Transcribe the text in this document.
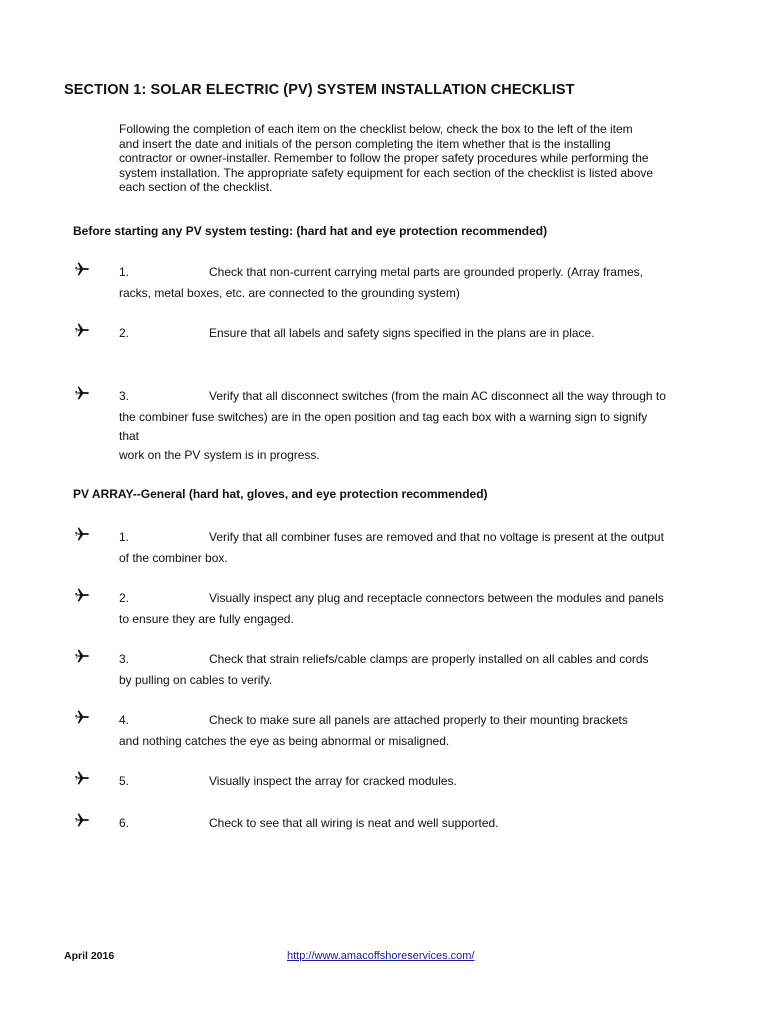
SECTION 1: SOLAR ELECTRIC (PV) SYSTEM INSTALLATION CHECKLIST
Following the completion of each item on the checklist below, check the box to the left of the item
and insert the date and initials of the person completing the item whether that is the installing
contractor or owner-installer. Remember to follow the proper safety procedures while performing the
system installation. The appropriate safety equipment for each section of the checklist is listed above
each section of the checklist.
Before starting any PV system testing: (hard hat and eye protection recommended)
1.	Check that non-current carrying metal parts are grounded properly. (Array frames,
racks, metal boxes, etc. are connected to the grounding system)
2.	Ensure that all labels and safety signs specified in the plans are in place.
3.	Verify that all disconnect switches (from the main AC disconnect all the way through to
the combiner fuse switches) are in the open position and tag each box with a warning sign to signify
that
work on the PV system is in progress.
PV ARRAY--General (hard hat, gloves, and eye protection recommended)
1.	Verify that all combiner fuses are removed and that no voltage is present at the output
of the combiner box.
2.	Visually inspect any plug and receptacle connectors between the modules and panels
to ensure they are fully engaged.
3.	Check that strain reliefs/cable clamps are properly installed on all cables and cords
by pulling on cables to verify.
4.	Check to make sure all panels are attached properly to their mounting brackets
and nothing catches the eye as being abnormal or misaligned.
5.	Visually inspect the array for cracked modules.
6.	Check to see that all wiring is neat and well supported.
April 2016	http://www.amacoffshoreservices.com/
